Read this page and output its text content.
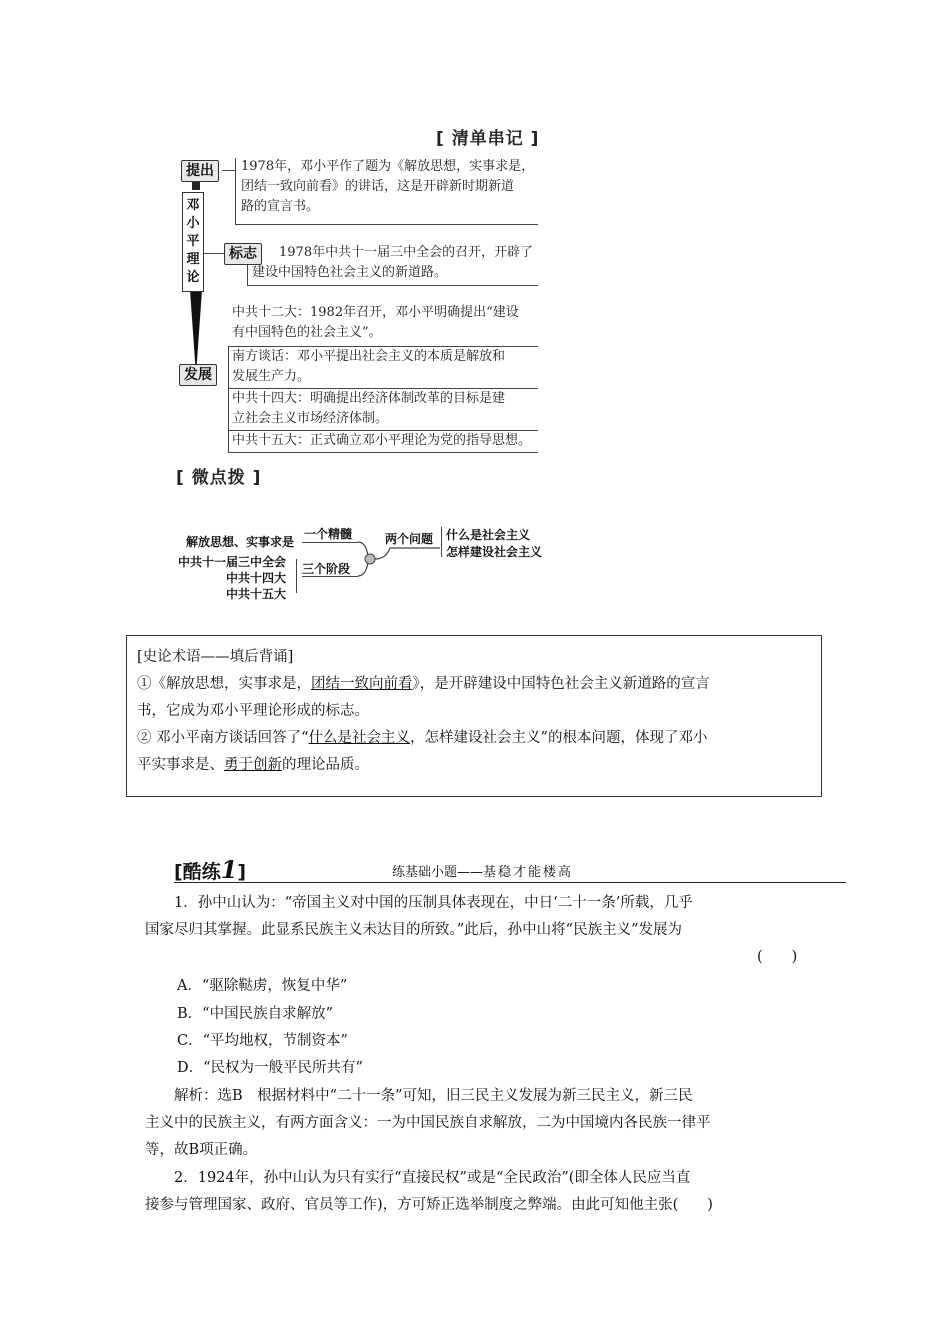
[ 清单串记 ]
邓
小
平
理
论
提出	1978年，邓小平作了题为《解放思想，实事求是，
团结一致向前看》的讲话，这是开辟新时期新道
路的宣言书。
标志	1978年中共十一届三中全会的召开，开辟了
建设中国特色社会主义的新道路。
发展
中共十二大：1982年召开，邓小平明确提出“建设
有中国特色的社会主义”。
南方谈话：邓小平提出社会主义的本质是解放和
发展生产力。
中共十四大：明确提出经济体制改革的目标是建
立社会主义市场经济体制。
中共十五大：正式确立邓小平理论为党的指导思想。
[ 微点拨 ]
解放思想、实事求是
一个精髓
中共十一届三中全会
中共十四大
中共十五大
三个阶段
两个问题 什么是社会主义
怎样建设社会主义
[史论术语——填后背诵]
①《解放思想，实事求是，团结一致向前看》，是开辟建设中国特色社会主义新道路的宣言
书，它成为邓小平理论形成的标志。
② 邓小平南方谈话回答了“什么是社会主义，怎样建设社会主义”的根本问题，体现了邓小
平实事求是、勇于创新的理论品质。
[酷练1]	练基础小题——基稳才能楼高
1．孙中山认为：“帝国主义对中国的压制具体表现在，中日‘二十一条’所载，几乎
国家尽归其掌握。此显系民族主义未达目的所致。”此后，孙中山将“民族主义”发展为
(　　)
A．“驱除鞑虏，恢复中华”
B．“中国民族自求解放”
C．“平均地权，节制资本”
D．“民权为一般平民所共有”
解析：选B　根据材料中“二十一条”可知，旧三民主义发展为新三民主义，新三民
主义中的民族主义，有两方面含义：一为中国民族自求解放，二为中国境内各民族一律平
等，故B项正确。
2．1924年，孙中山认为只有实行“直接民权”或是“全民政治”(即全体人民应当直
接参与管理国家、政府、官员等工作)，方可矫正选举制度之弊端。由此可知他主张(　　)
